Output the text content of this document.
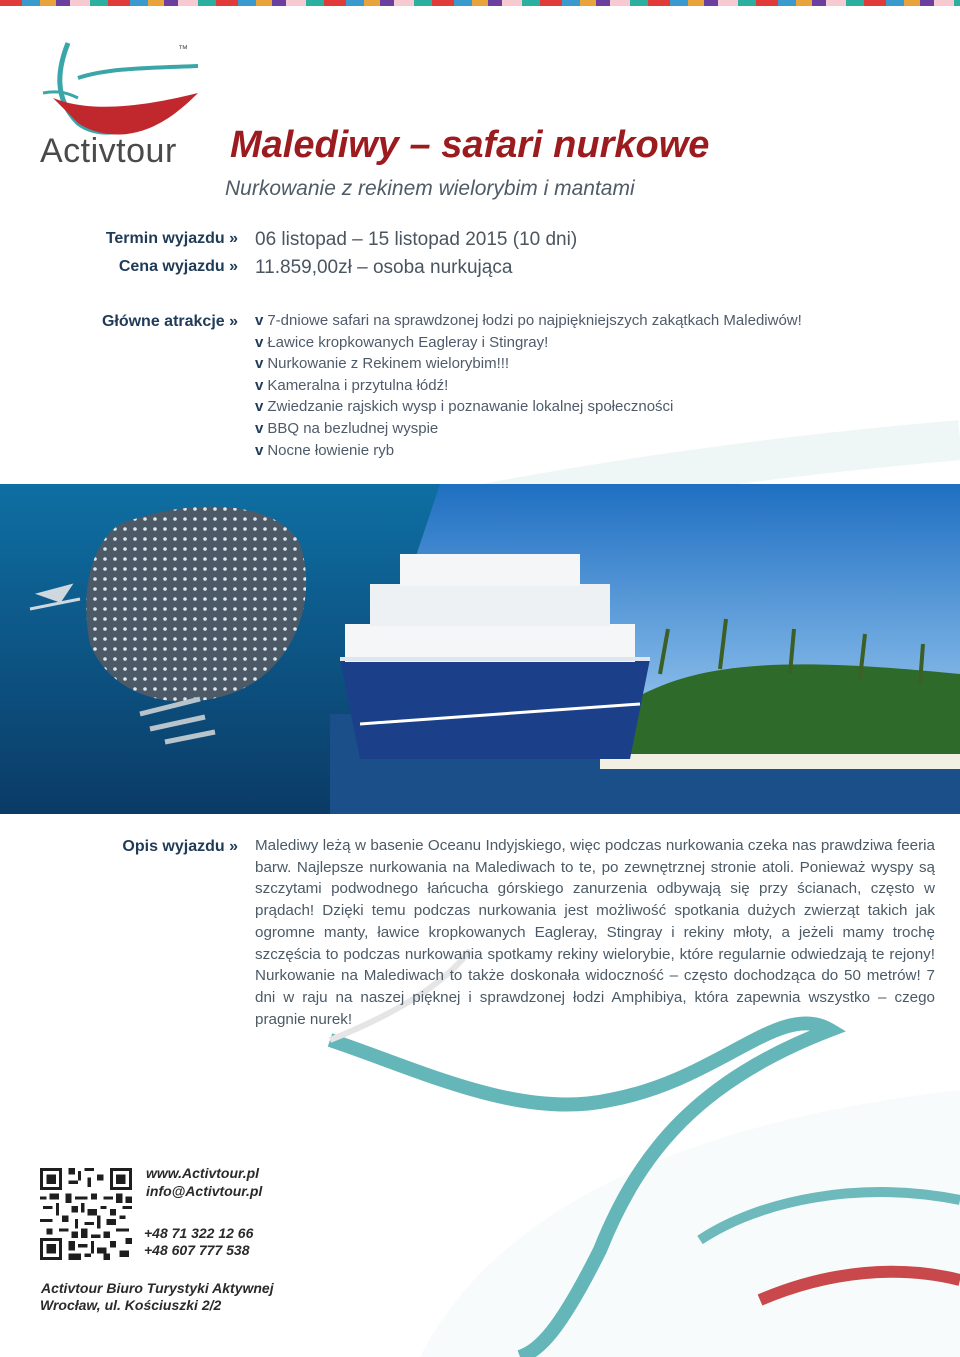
™
Activtour Malediwy – safari nurkowe
Nurkowanie z rekinem wielorybim i mantami
Termin wyjazdu » 06 listopad – 15 listopad 2015 (10 dni)
Cena wyjazdu » 11.859,00zł – osoba nurkująca
Główne atrakcje » v 7-dniowe safari na sprawdzonej łodzi po najpiękniejszych zakątkach Malediwów!
v Ławice kropkowanych Eagleray i Stingray!
v Nurkowanie z Rekinem wielorybim!!!
v Kameralna i przytulna łódź!
v Zwiedzanie rajskich wysp i poznawanie lokalnej społeczności
v BBQ na bezludnej wyspie
v Nocne łowienie ryb
Opis wyjazdu » Malediwy leżą w basenie Oceanu Indyjskiego, więc podczas nurkowania czeka nas prawdziwa feeria barw. Najlepsze nurkowania na Malediwach to te, po zewnętrznej stronie atoli. Ponieważ wyspy są szczytami podwodnego łańcucha górskiego zanurzenia odbywają się przy ścianach, często w prądach! Dzięki temu podczas nurkowania jest możliwość spotkania dużych zwierząt takich jak ogromne manty, ławice kropkowanych Eagleray, Stingray i rekiny młoty, a jeżeli mamy trochę szczęścia to podczas nurkowania spotkamy rekiny wielorybie, które regularnie odwiedzają te rejony! Nurkowanie na Malediwach to także doskonała widoczność – często dochodząca do 50 metrów! 7 dni w raju na naszej pięknej i sprawdzonej łodzi Amphibiya, która zapewnia wszystko – czego pragnie nurek!

www.Activtour.pl
info@Activtour.pl
+48 71 322 12 66
+48 607 777 538
Activtour Biuro Turystyki Aktywnej
Wrocław, ul. Kościuszki 2/2
